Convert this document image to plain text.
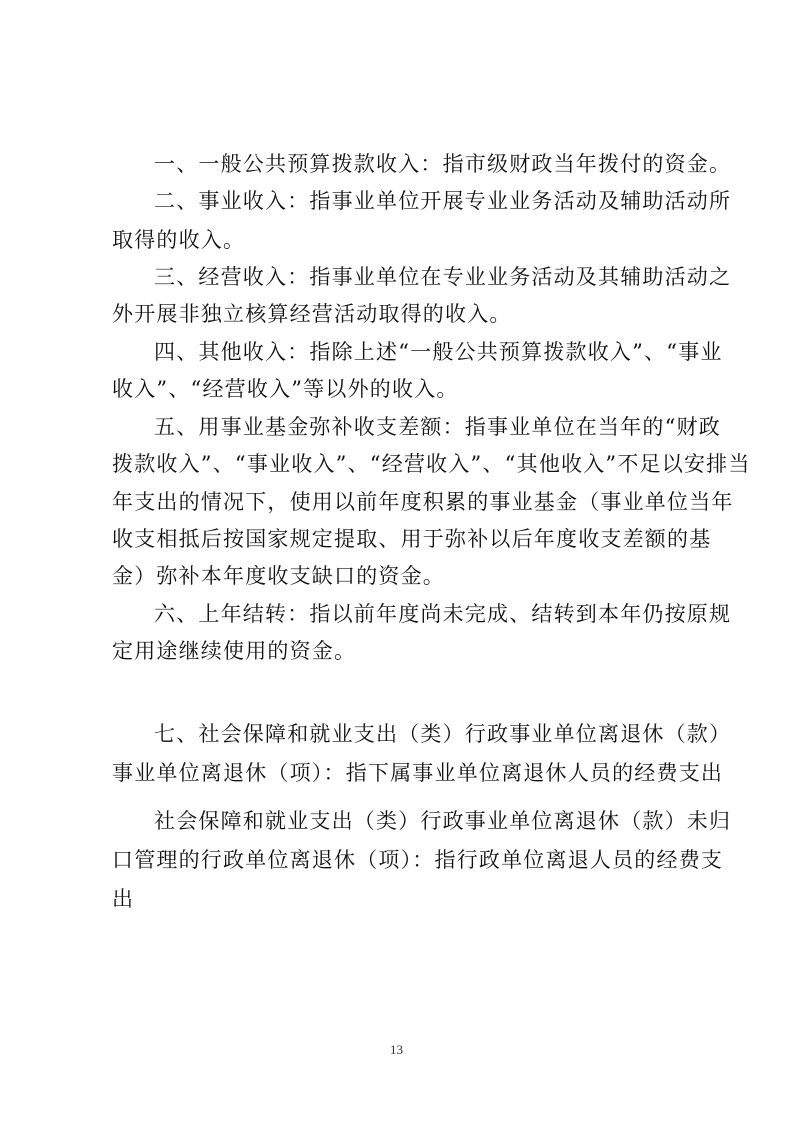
一、一般公共预算拨款收入：指市级财政当年拨付的资金。
二、事业收入：指事业单位开展专业业务活动及辅助活动所
取得的收入。
三、经营收入：指事业单位在专业业务活动及其辅助活动之
外开展非独立核算经营活动取得的收入。
四、其他收入：指除上述“一般公共预算拨款收入”、“事业
收入”、“经营收入”等以外的收入。
五、用事业基金弥补收支差额：指事业单位在当年的“财政
拨款收入”、“事业收入”、“经营收入”、“其他收入”不足以安排当
年支出的情况下，使用以前年度积累的事业基金（事业单位当年
收支相抵后按国家规定提取、用于弥补以后年度收支差额的基
金）弥补本年度收支缺口的资金。
六、上年结转：指以前年度尚未完成、结转到本年仍按原规
定用途继续使用的资金。
七、社会保障和就业支出（类）行政事业单位离退休（款）
事业单位离退休（项）：指下属事业单位离退休人员的经费支出
社会保障和就业支出（类）行政事业单位离退休（款）未归
口管理的行政单位离退休（项）：指行政单位离退人员的经费支
出
13
